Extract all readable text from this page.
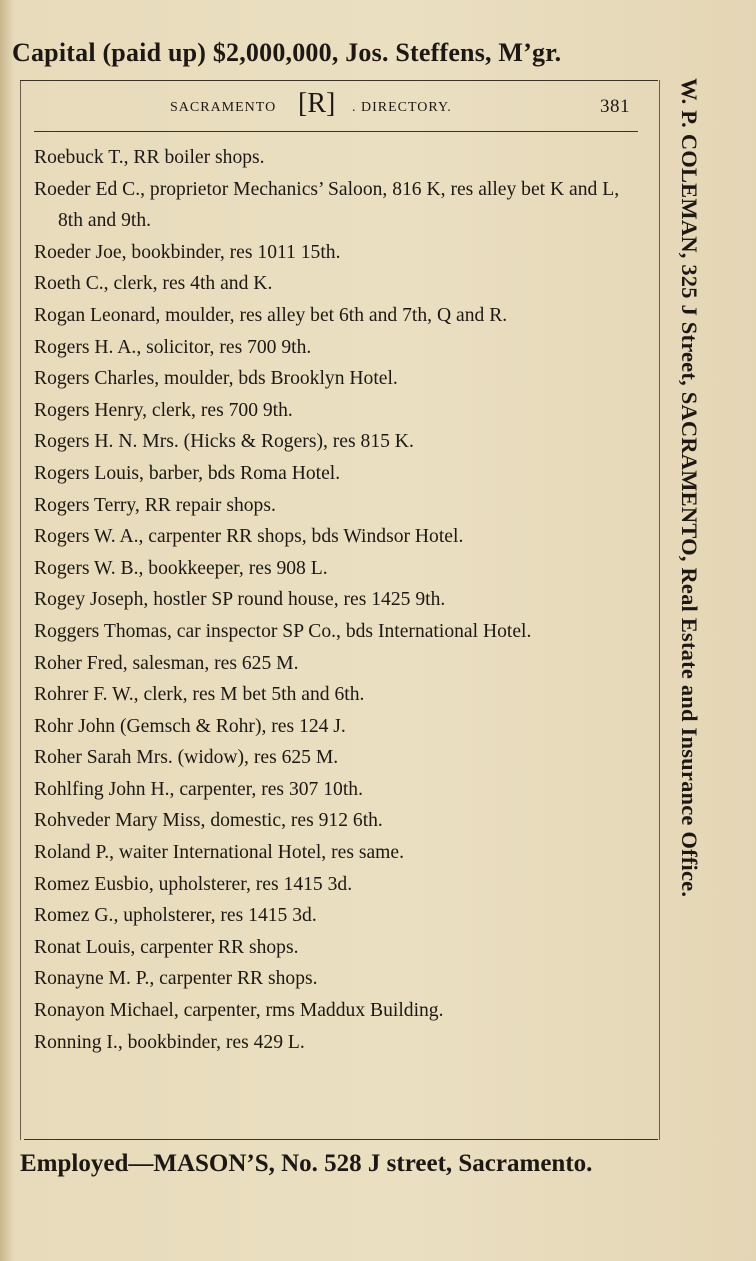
Capital (paid up) $2,000,000, Jos. Steffens, M’gr.
SACRAMENTO [R] . DIRECTORY.	381
Roebuck T., RR boiler shops.
Roeder Ed C., proprietor Mechanics’ Saloon, 816 K, res alley bet K and L, 8th and 9th.
Roeder Joe, bookbinder, res 1011 15th.
Roeth C., clerk, res 4th and K.
Rogan Leonard, moulder, res alley bet 6th and 7th, Q and R.
Rogers H. A., solicitor, res 700 9th.
Rogers Charles, moulder, bds Brooklyn Hotel.
Rogers Henry, clerk, res 700 9th.
Rogers H. N. Mrs. (Hicks & Rogers), res 815 K.
Rogers Louis, barber, bds Roma Hotel.
Rogers Terry, RR repair shops.
Rogers W. A., carpenter RR shops, bds Windsor Hotel.
Rogers W. B., bookkeeper, res 908 L.
Rogey Joseph, hostler SP round house, res 1425 9th.
Roggers Thomas, car inspector SP Co., bds International Hotel.
Roher Fred, salesman, res 625 M.
Rohrer F. W., clerk, res M bet 5th and 6th.
Rohr John (Gemsch & Rohr), res 124 J.
Roher Sarah Mrs. (widow), res 625 M.
Rohlfing John H., carpenter, res 307 10th.
Rohveder Mary Miss, domestic, res 912 6th.
Roland P., waiter International Hotel, res same.
Romez Eusbio, upholsterer, res 1415 3d.
Romez G., upholsterer, res 1415 3d.
Ronat Louis, carpenter RR shops.
Ronayne M. P., carpenter RR shops.
Ronayon Michael, carpenter, rms Maddux Building.
Ronning I., bookbinder, res 429 L.
W. P. COLEMAN, 325 J Street, SACRAMENTO, Real Estate and Insurance Office.
Employed—MASON’S, No. 528 J street, Sacramento.
